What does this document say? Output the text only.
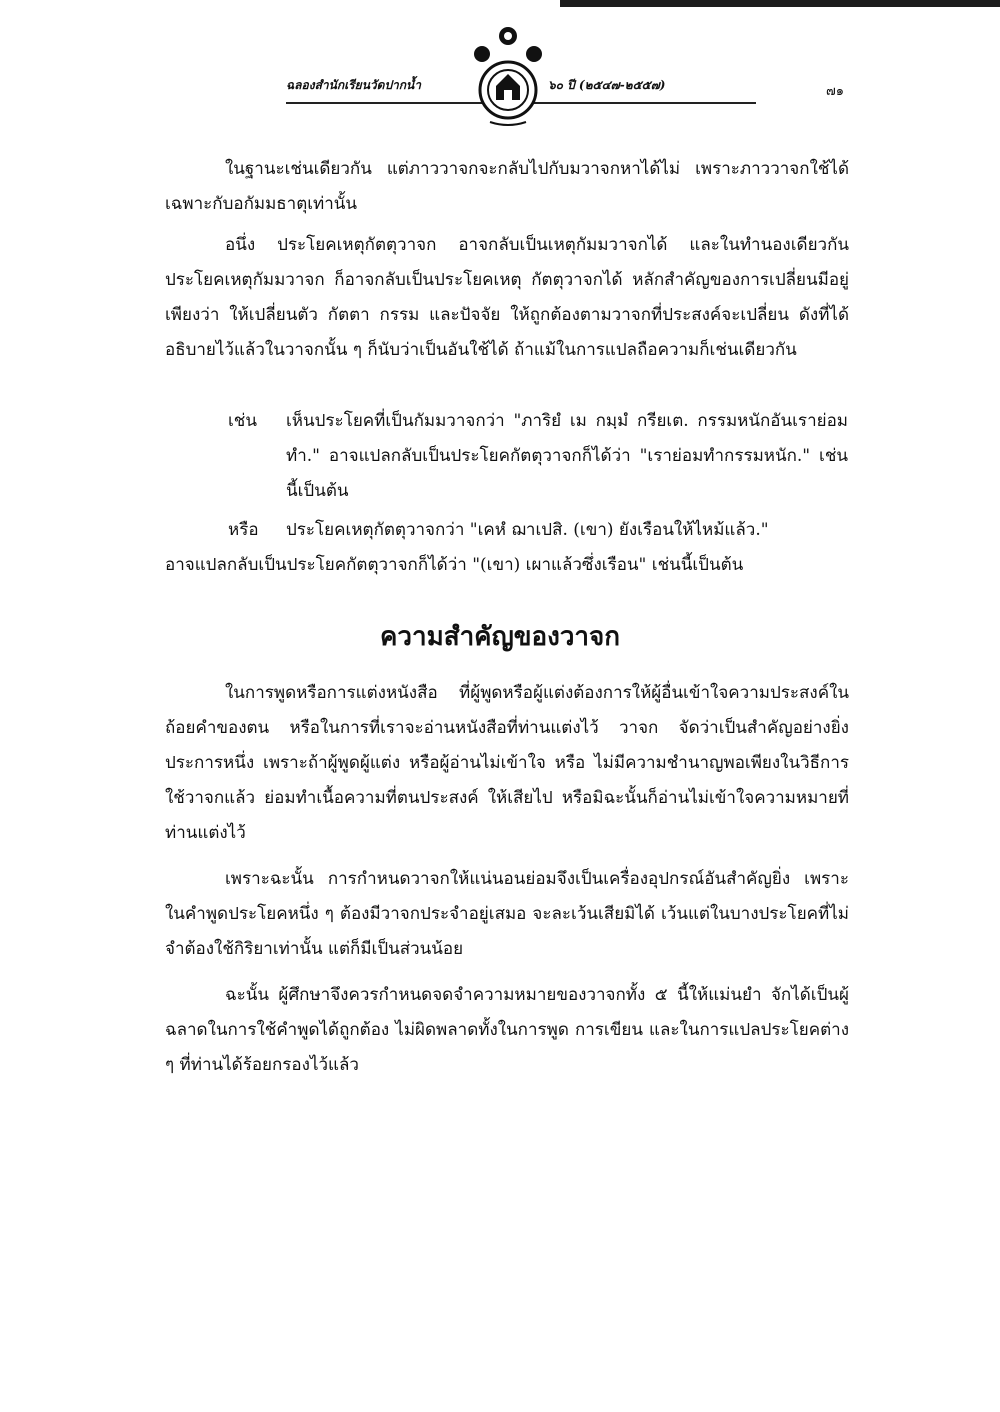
ฉลองสำนักเรียนวัดปากน้ำ	๖๐ ปี (๒๕๔๗-๒๕๕๗)	๗๑
ในฐานะเช่นเดียวกัน แต่ภาววาจกจะกลับไปกับมวาจกหาได้ไม่ เพราะภาววาจกใช้ได้เฉพาะกับอกัมมธาตุเท่านั้น
อนึ่ง ประโยคเหตุกัตตุวาจก อาจกลับเป็นเหตุกัมมวาจกได้ และในทำนองเดียวกัน ประโยคเหตุกัมมวาจก ก็อาจกลับเป็นประโยคเหตุ กัตตุวาจกได้ หลักสำคัญของการเปลี่ยนมีอยู่เพียงว่า ให้เปลี่ยนตัว กัตตา กรรม และปัจจัย ให้ถูกต้องตามวาจกที่ประสงค์จะเปลี่ยน ดังที่ได้อธิบายไว้แล้วในวาจกนั้น ๆ ก็นับว่าเป็นอันใช้ได้ ถ้าแม้ในการแปลถือความก็เช่นเดียวกัน
เช่น	เห็นประโยคที่เป็นกัมมวาจกว่า "ภาริยํ เม กมฺมํ กรียเต. กรรมหนักอันเราย่อมทำ." อาจแปลกลับเป็นประโยคกัตตุวาจกก็ได้ว่า "เราย่อมทำกรรมหนัก." เช่นนี้เป็นต้น
หรือ	ประโยคเหตุกัตตุวาจกว่า "เคหํ ฌาเปสิ. (เขา) ยังเรือนให้ไหม้แล้ว."
อาจแปลกลับเป็นประโยคกัตตุวาจกก็ได้ว่า "(เขา) เผาแล้วซึ่งเรือน" เช่นนี้เป็นต้น
ความสำคัญของวาจก
ในการพูดหรือการแต่งหนังสือ ที่ผู้พูดหรือผู้แต่งต้องการให้ผู้อื่นเข้าใจความประสงค์ในถ้อยคำของตน หรือในการที่เราจะอ่านหนังสือที่ท่านแต่งไว้ วาจก จัดว่าเป็นสำคัญอย่างยิ่งประการหนึ่ง เพราะถ้าผู้พูดผู้แต่ง หรือผู้อ่านไม่เข้าใจ หรือ ไม่มีความชำนาญพอเพียงในวิธีการใช้วาจกแล้ว ย่อมทำเนื้อความที่ตนประสงค์ ให้เสียไป หรือมิฉะนั้นก็อ่านไม่เข้าใจความหมายที่ท่านแต่งไว้
เพราะฉะนั้น การกำหนดวาจกให้แน่นอนย่อมจึงเป็นเครื่องอุปกรณ์อันสำคัญยิ่ง เพราะในคำพูดประโยคหนึ่ง ๆ ต้องมีวาจกประจำอยู่เสมอ จะละเว้นเสียมิได้ เว้นแต่ในบางประโยคที่ไม่จำต้องใช้กิริยาเท่านั้น แต่ก็มีเป็นส่วนน้อย
ฉะนั้น ผู้ศึกษาจึงควรกำหนดจดจำความหมายของวาจกทั้ง ๕ นี้ให้แม่นยำ จักได้เป็นผู้ฉลาดในการใช้คำพูดได้ถูกต้อง ไม่ผิดพลาดทั้งในการพูด การเขียน และในการแปลประโยคต่าง ๆ ที่ท่านได้ร้อยกรองไว้แล้ว
